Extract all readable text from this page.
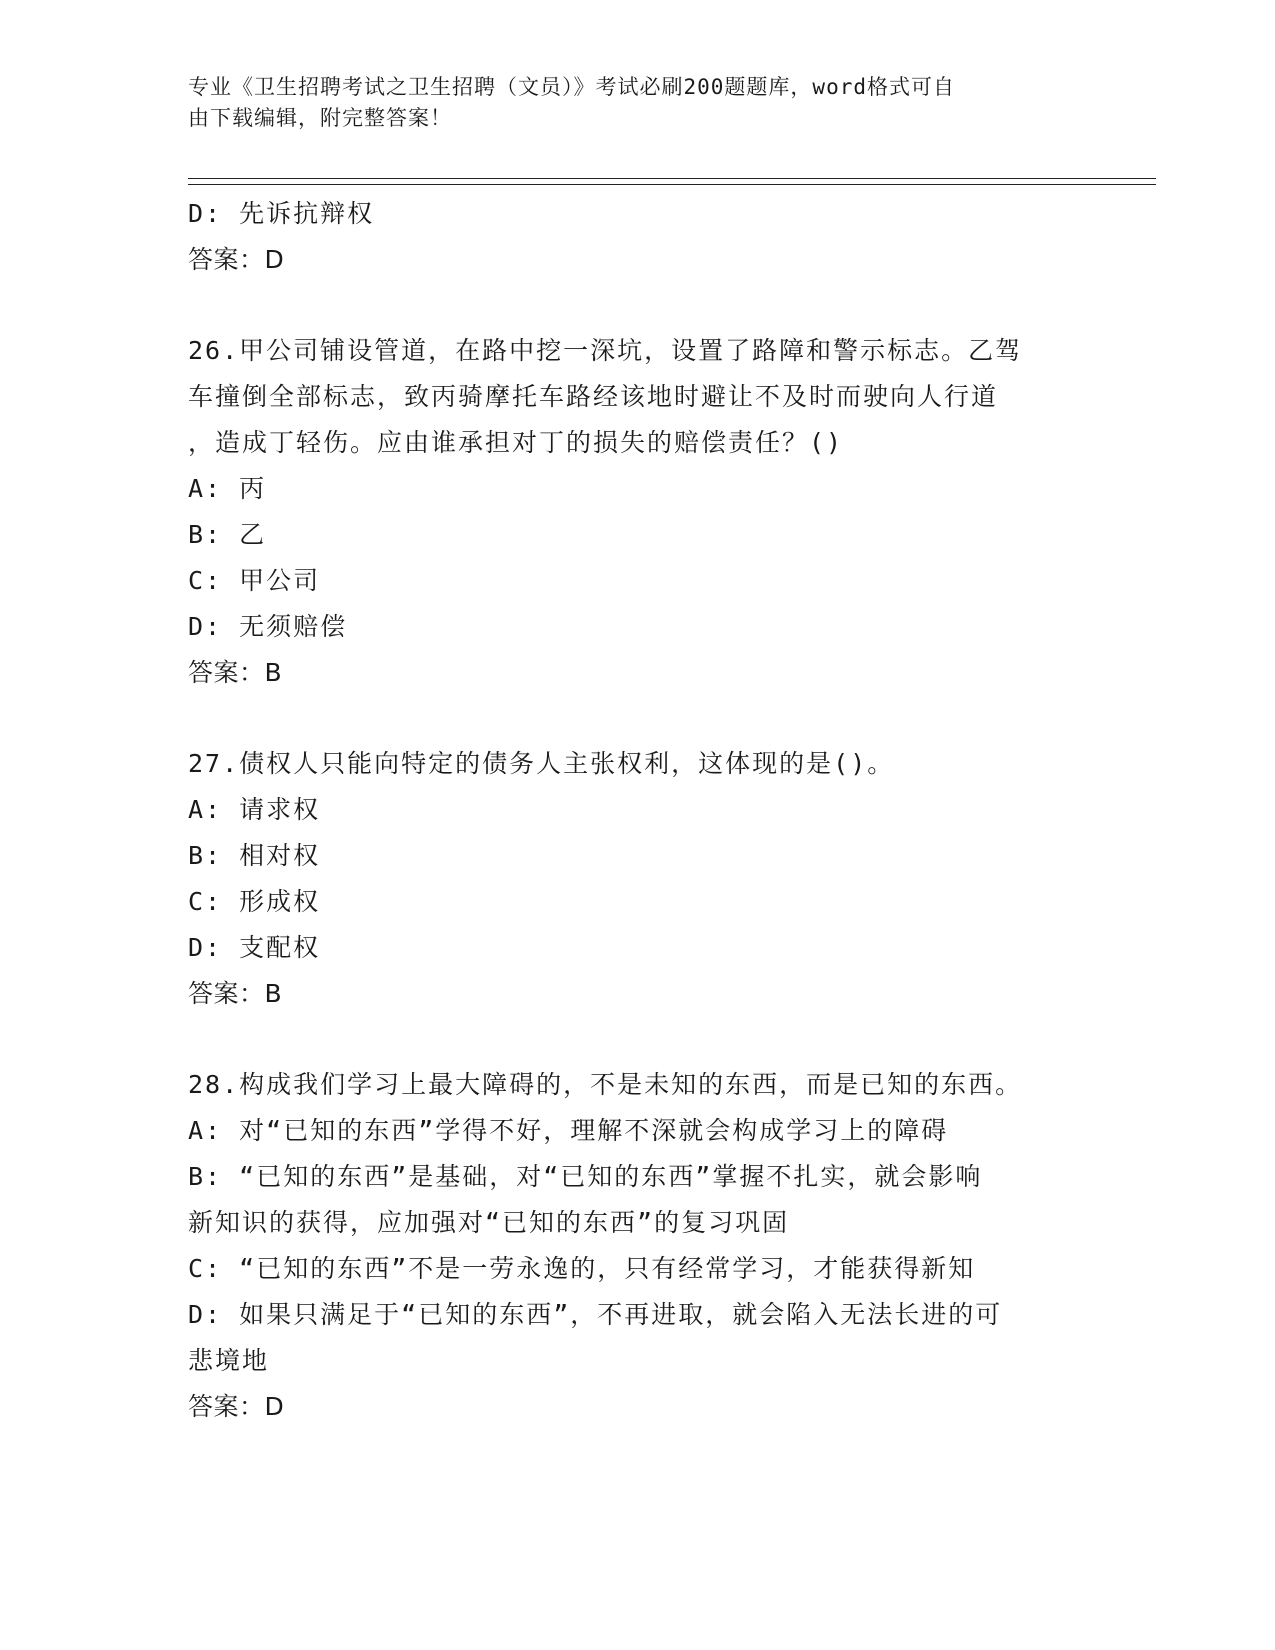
专业《卫生招聘考试之卫生招聘（文员）》考试必刷200题题库，word格式可自
由下载编辑，附完整答案！
D: 先诉抗辩权
答案：D
26.甲公司铺设管道，在路中挖一深坑，设置了路障和警示标志。乙驾
车撞倒全部标志，致丙骑摩托车路经该地时避让不及时而驶向人行道
，造成丁轻伤。应由谁承担对丁的损失的赔偿责任？()
A: 丙
B: 乙
C: 甲公司
D: 无须赔偿
答案：B
27.债权人只能向特定的债务人主张权利，这体现的是()。
A: 请求权
B: 相对权
C: 形成权
D: 支配权
答案：B
28.构成我们学习上最大障碍的，不是未知的东西，而是已知的东西。
A: 对“已知的东西”学得不好，理解不深就会构成学习上的障碍
B: “已知的东西”是基础，对“已知的东西”掌握不扎实，就会影响
新知识的获得，应加强对“已知的东西”的复习巩固
C: “已知的东西”不是一劳永逸的，只有经常学习，才能获得新知
D: 如果只满足于“已知的东西”，不再进取，就会陷入无法长进的可
悲境地
答案：D
